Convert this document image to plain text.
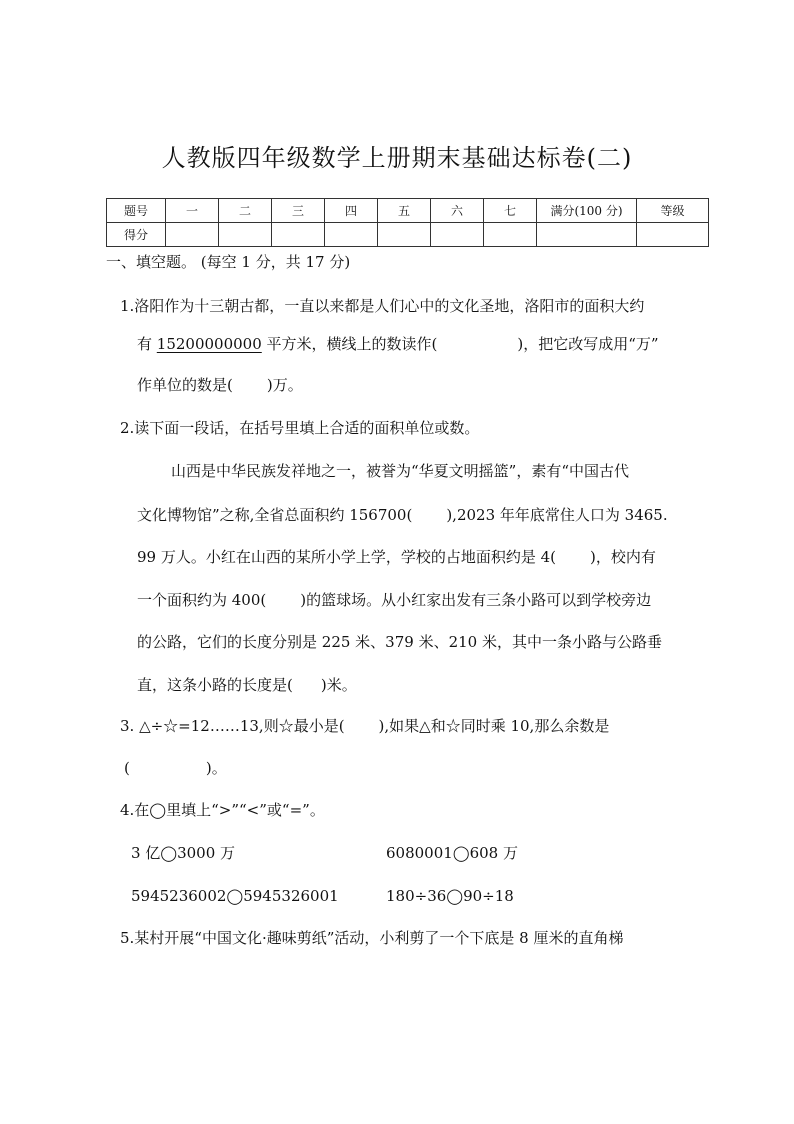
人教版四年级数学上册期末基础达标卷(二)
题号	一	二	三	四	五	六	七	满分(100 分)	等级
得分									
一、填空题。 (每空 1 分，共 17 分)
1.洛阳作为十三朝古都，一直以来都是人们心中的文化圣地，洛阳市的面积大约
有 15200000000 平方米，横线上的数读作(	)，把它改写成用“万”
作单位的数是( )万。
2.读下面一段话，在括号里填上合适的面积单位或数。
山西是中华民族发祥地之一，被誉为“华夏文明摇篮”，素有“中国古代
文化博物馆”之称,全省总面积约 156700( ),2023 年年底常住人口为 3465.
99 万人。小红在山西的某所小学上学，学校的占地面积约是 4( )，校内有
一个面积约为 400( )的篮球场。从小红家出发有三条小路可以到学校旁边
的公路，它们的长度分别是 225 米、379 米、210 米，其中一条小路与公路垂
直，这条小路的长度是( )米。
3. △÷☆=12……13,则☆最小是( ),如果△和☆同时乘 10,那么余数是
(	)。
4.在◯里填上“>”“<”或“=”。
3 亿◯3000 万	6080001◯608 万
5945236002◯5945326001	180÷36◯90÷18
5.某村开展“中国文化·趣味剪纸”活动，小利剪了一个下底是 8 厘米的直角梯
